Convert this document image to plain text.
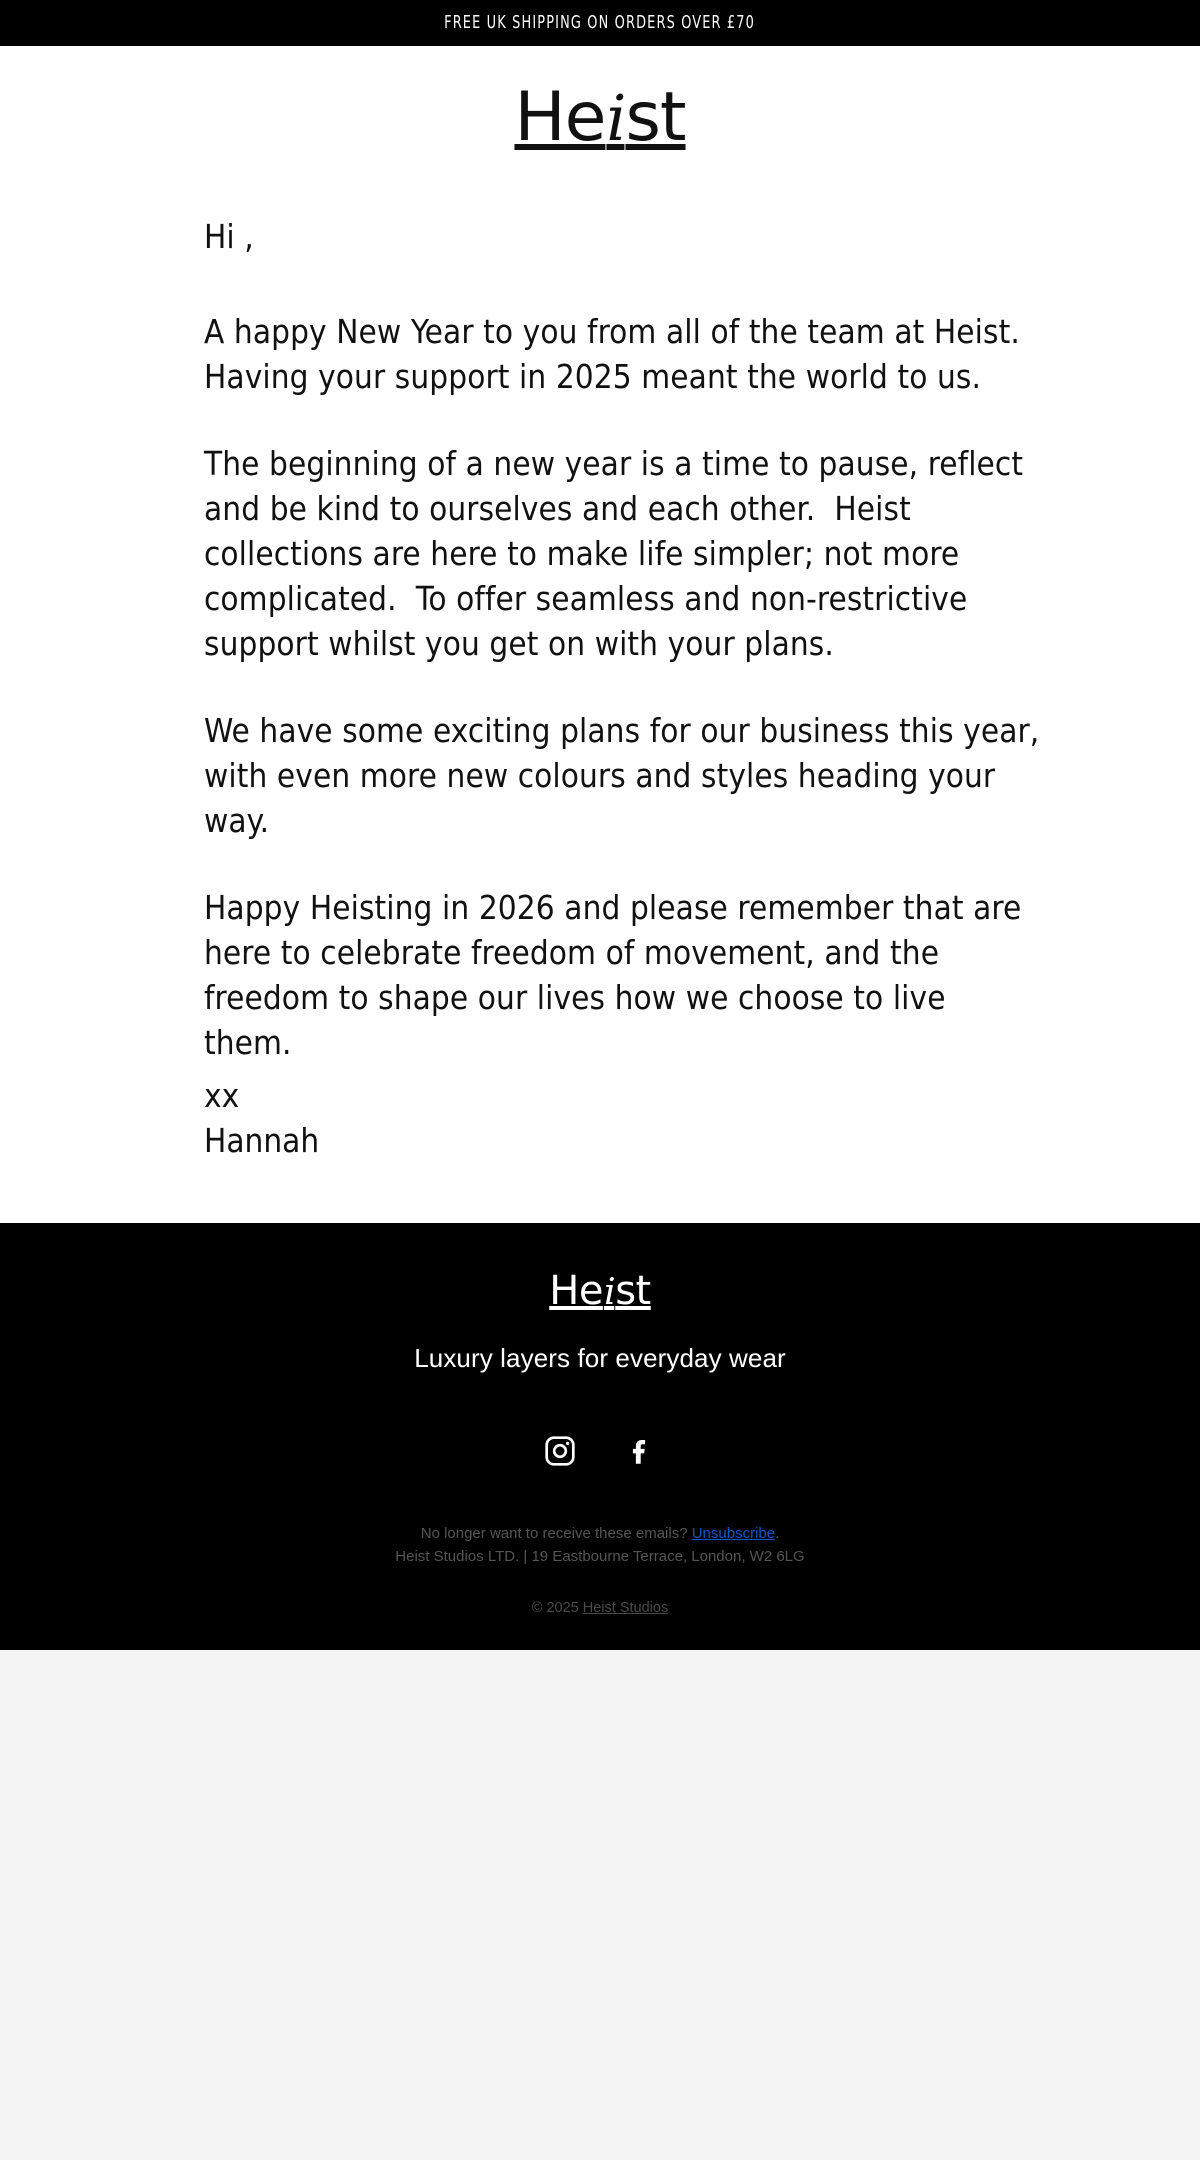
FREE UK SHIPPING ON ORDERS OVER £70
Heist

Hi ,

A happy New Year to you from all of the team at Heist. Having your support in 2025 meant the world to us.

The beginning of a new year is a time to pause, reflect and be kind to ourselves and each other.  Heist collections are here to make life simpler; not more complicated.  To offer seamless and non-restrictive support whilst you get on with your plans.

We have some exciting plans for our business this year, with even more new colours and styles heading your way.

Happy Heisting in 2026 and please remember that are here to celebrate freedom of movement, and the freedom to shape our lives how we choose to live them.

xx
Hannah
Heist
Luxury layers for everyday wear
No longer want to receive these emails? Unsubscribe.
Heist Studios LTD. | 19 Eastbourne Terrace, London, W2 6LG
© 2025 Heist Studios
